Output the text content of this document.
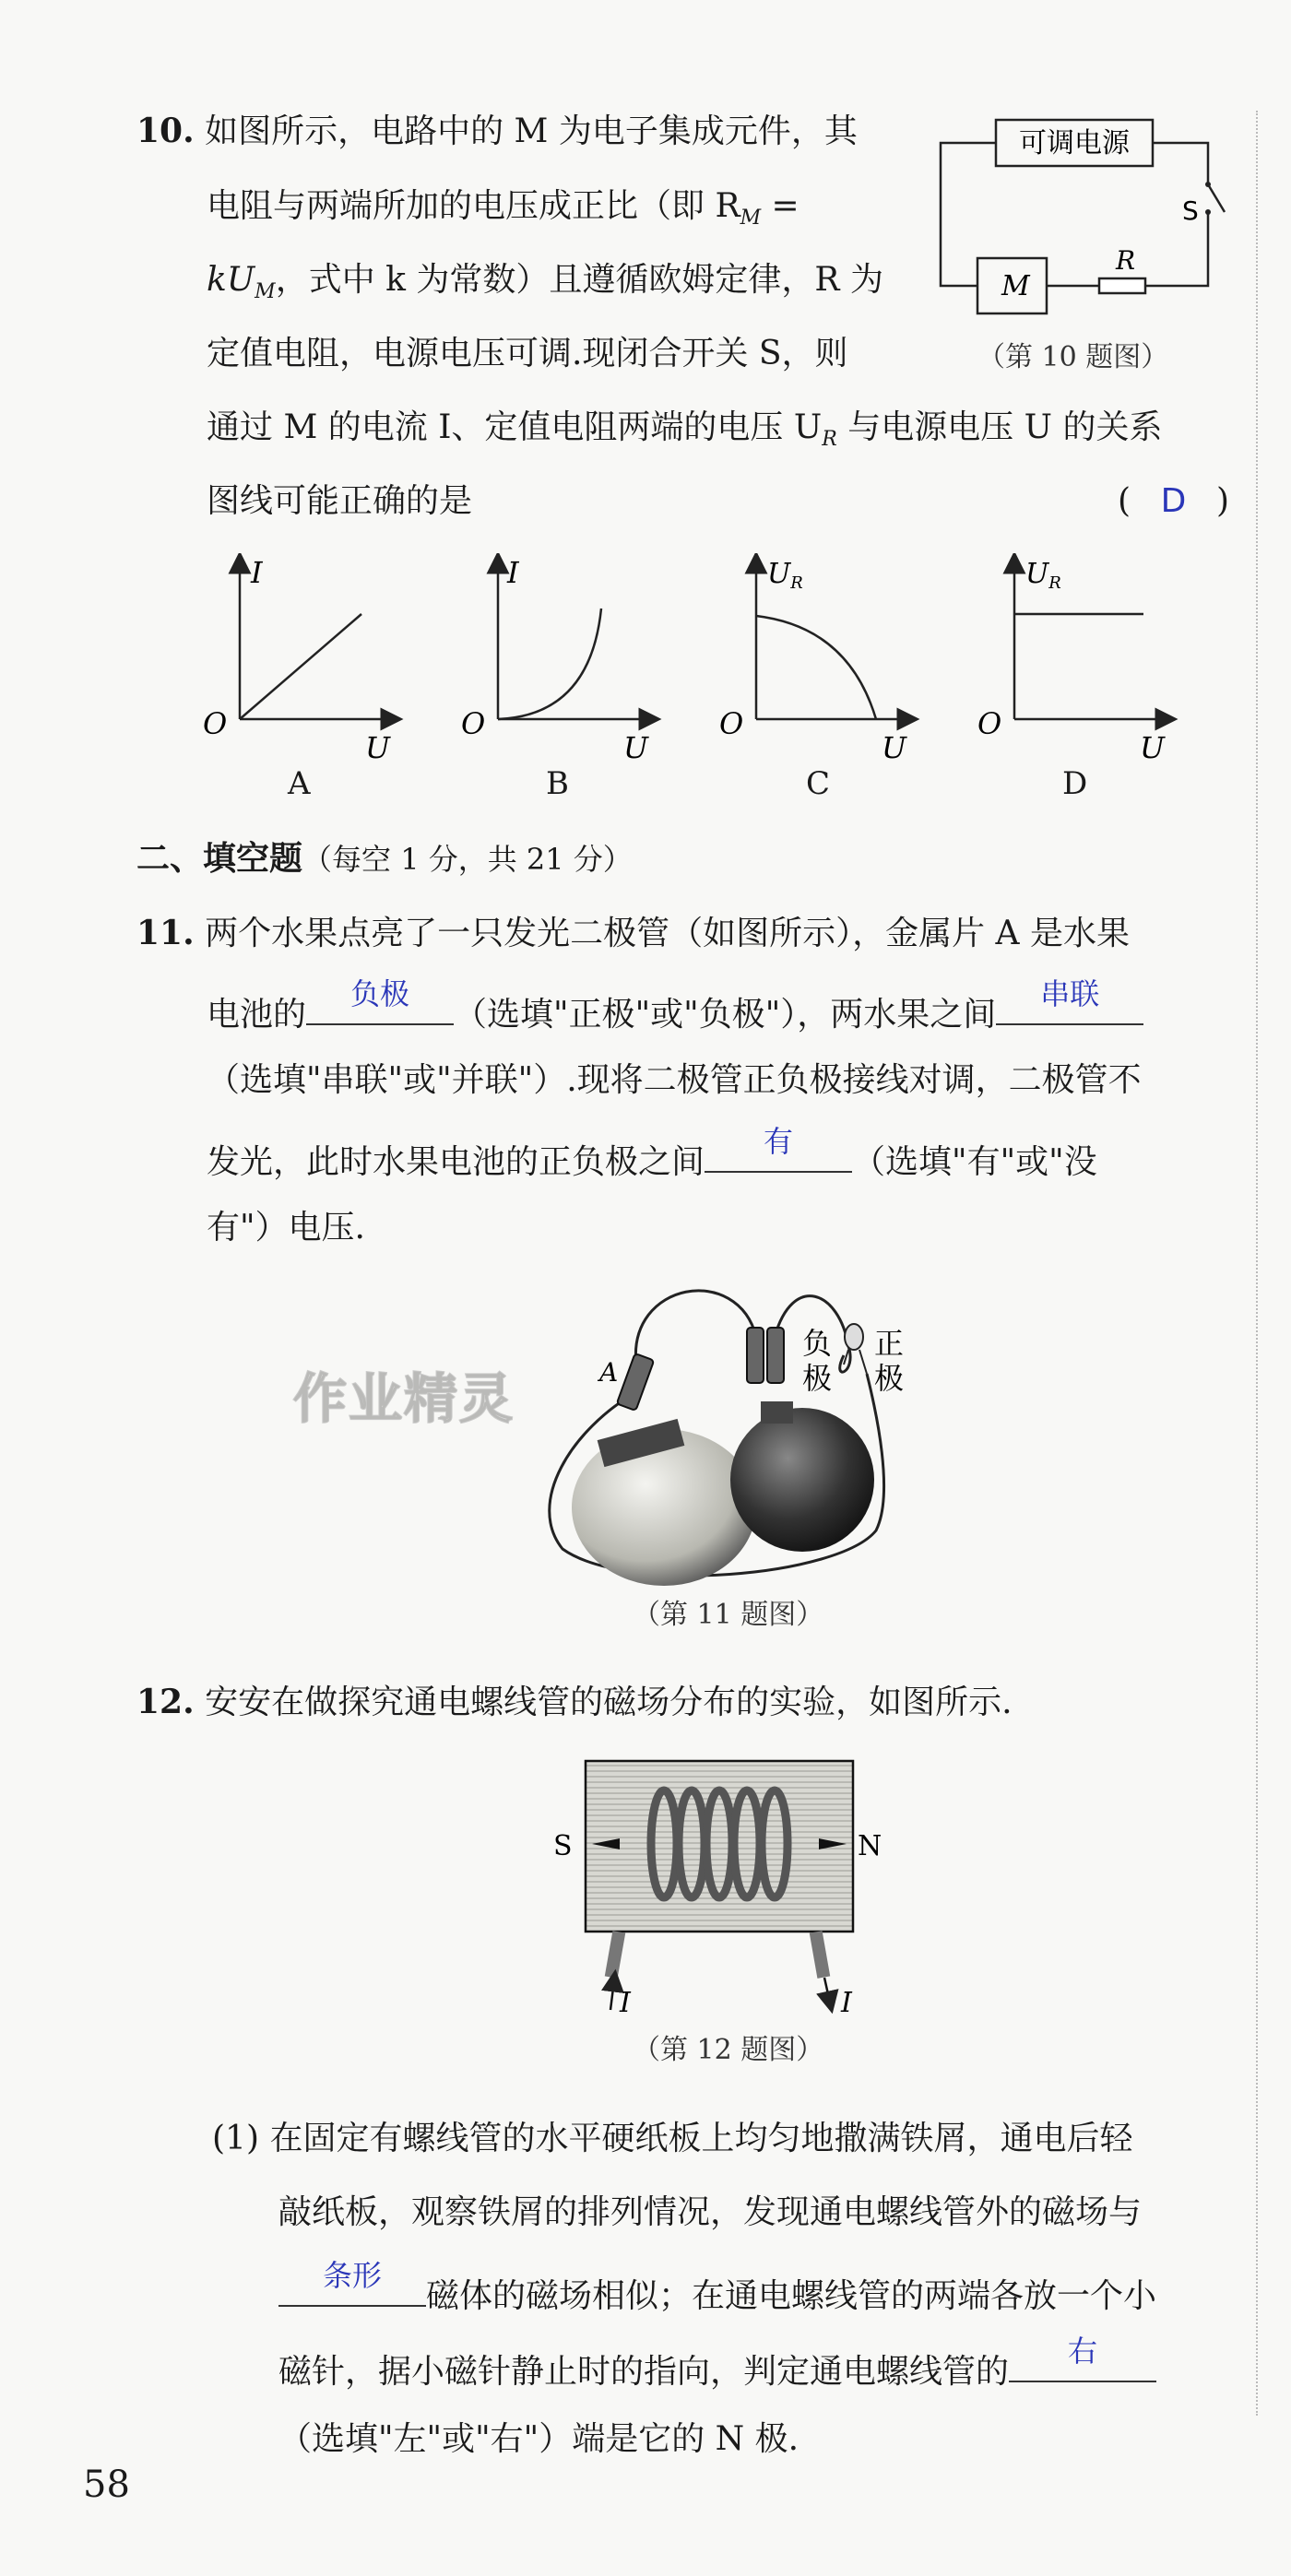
10. 如图所示，电路中的 M 为电子集成元件，其
电阻与两端所加的电压成正比（即 $R_M$ =
$kU_M$，式中 k 为常数）且遵循欧姆定律，R 为
定值电阻，电源电压可调.现闭合开关 S，则
通过 M 的电流 I、定值电阻两端的电压 $U_R$ 与电源电压 U 的关系
图线可能正确的是	( D )
可调电源
S
R
M
（第 10 题图）
I
O
U
I
O
U
$U_R$
O
U
$U_R$
O
U
A	B	C	D
二、填空题（每空 1 分，共 21 分）
11. 两个水果点亮了一只发光二极管（如图所示），金属片 A 是水果
电池的
负极
（选填"正极"或"负极"），两水果之间
串联
（选填"串联"或"并联"）.现将二极管正负极接线对调，二极管不
发光，此时水果电池的正负极之间
有
（选填"有"或"没
有"）电压.
作业精灵	A
负
极
正
极
（第 11 题图）
12. 安安在做探究通电螺线管的磁场分布的实验，如图所示.
S	N
I	I
（第 12 题图）
(1) 在固定有螺线管的水平硬纸板上均匀地撒满铁屑，通电后轻
敲纸板，观察铁屑的排列情况，发现通电螺线管外的磁场与
条形
磁体的磁场相似；在通电螺线管的两端各放一个小
磁针，据小磁针静止时的指向，判定通电螺线管的
右
（选填"左"或"右"）端是它的 N 极.
58
